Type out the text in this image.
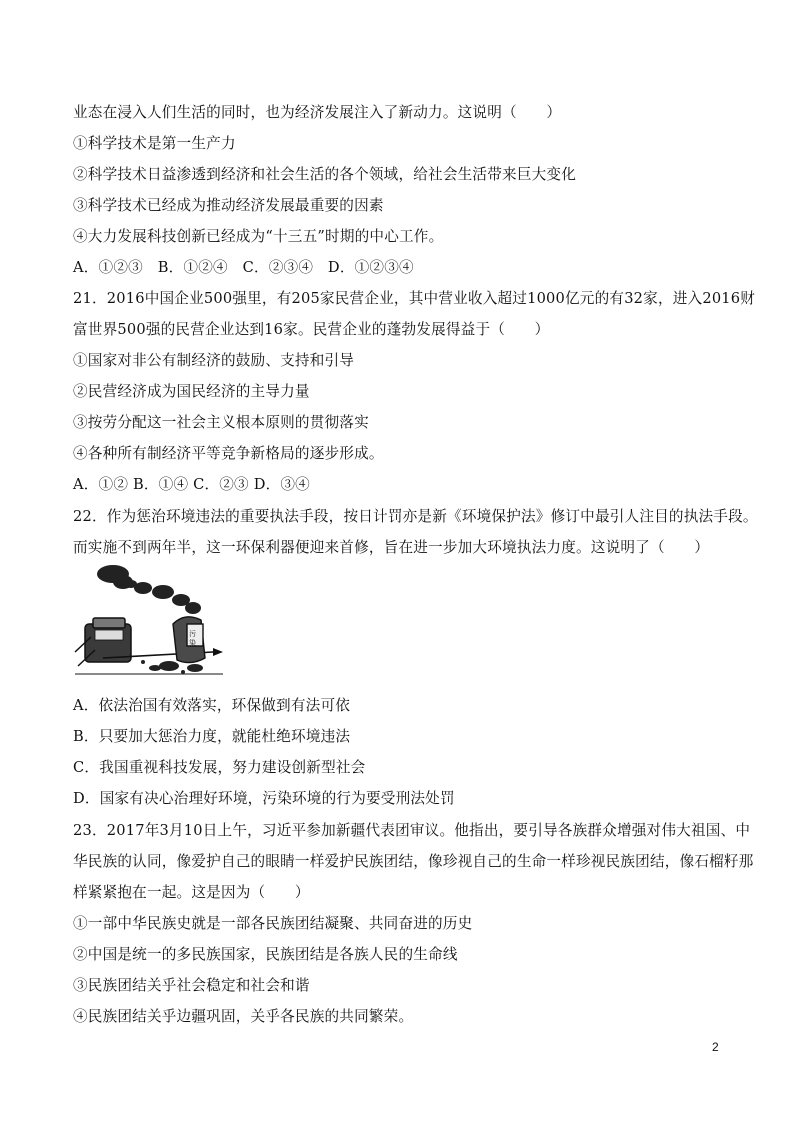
业态在浸入人们生活的同时，也为经济发展注入了新动力。这说明（　　）
①科学技术是第一生产力
②科学技术日益渗透到经济和社会生活的各个领域，给社会生活带来巨大变化
③科学技术已经成为推动经济发展最重要的因素
④大力发展科技创新已经成为“十三五”时期的中心工作。
A．①②③　B．①②④　C．②③④　D．①②③④
21．2016中国企业500强里，有205家民营企业，其中营业收入超过1000亿元的有32家，进入2016财
富世界500强的民营企业达到16家。民营企业的蓬勃发展得益于（　　）
①国家对非公有制经济的鼓励、支持和引导
②民营经济成为国民经济的主导力量
③按劳分配这一社会主义根本原则的贯彻落实
④各种所有制经济平等竞争新格局的逐步形成。
A．①② B．①④ C．②③ D．③④
22．作为惩治环境违法的重要执法手段，按日计罚亦是新《环境保护法》修订中最引人注目的执法手段。
而实施不到两年半，这一环保利器便迎来首修，旨在进一步加大环境执法力度。这说明了（　　）
污
染
A．依法治国有效落实，环保做到有法可依
B．只要加大惩治力度，就能杜绝环境违法
C．我国重视科技发展，努力建设创新型社会
D．国家有决心治理好环境，污染环境的行为要受刑法处罚
23．2017年3月10日上午，习近平参加新疆代表团审议。他指出，要引导各族群众增强对伟大祖国、中
华民族的认同，像爱护自己的眼睛一样爱护民族团结，像珍视自己的生命一样珍视民族团结，像石榴籽那
样紧紧抱在一起。这是因为（　　）
①一部中华民族史就是一部各民族团结凝聚、共同奋进的历史
②中国是统一的多民族国家，民族团结是各族人民的生命线
③民族团结关乎社会稳定和社会和谐
④民族团结关乎边疆巩固，关乎各民族的共同繁荣。
2
